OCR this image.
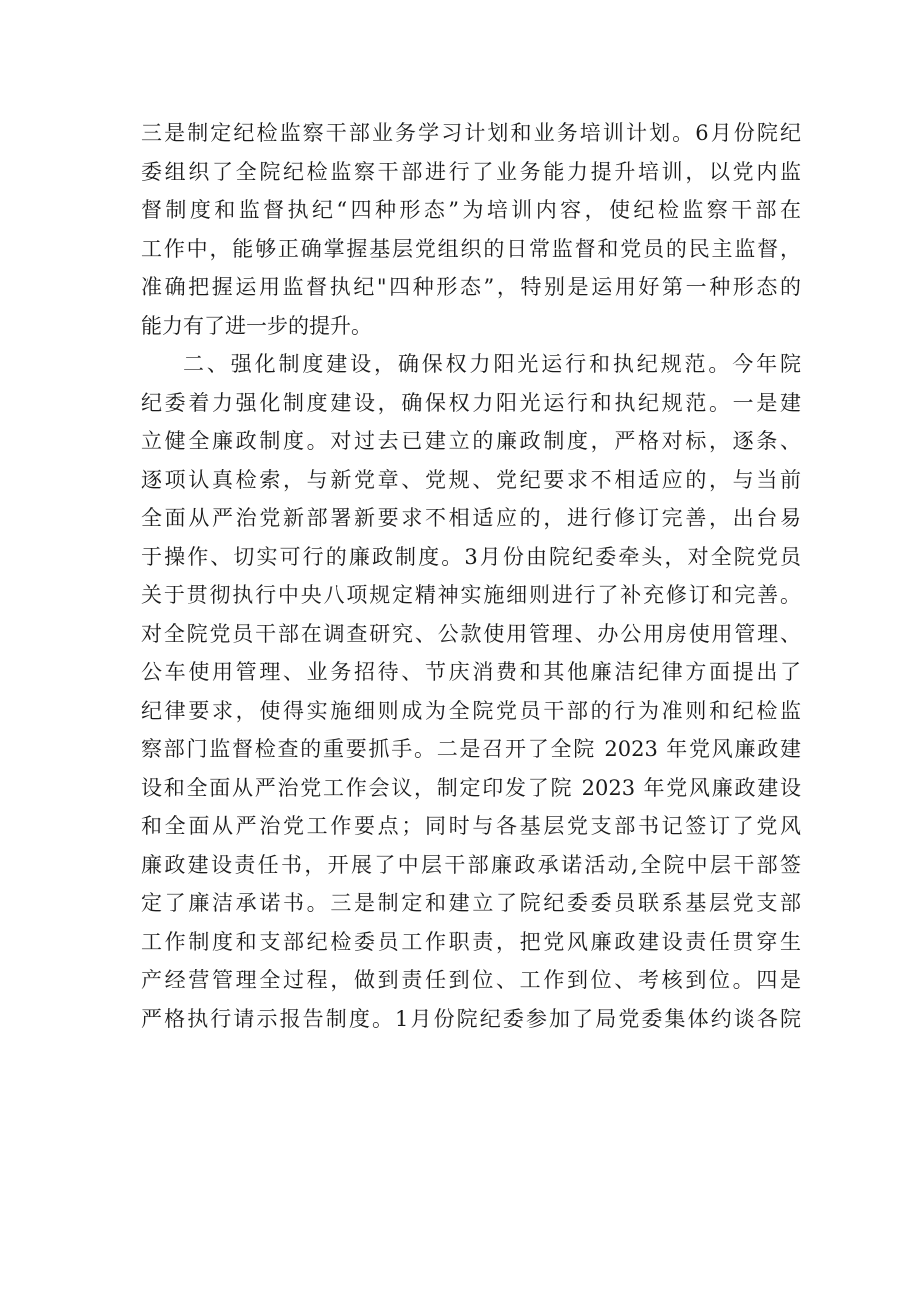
三是制定纪检监察干部业务学习计划和业务培训计划。6月份院纪
委组织了全院纪检监察干部进行了业务能力提升培训，以党内监
督制度和监督执纪“四种形态”为培训内容，使纪检监察干部在
工作中，能够正确掌握基层党组织的日常监督和党员的民主监督，
准确把握运用监督执纪"四种形态”，特别是运用好第一种形态的
能力有了进一步的提升。
二、强化制度建设，确保权力阳光运行和执纪规范。今年院
纪委着力强化制度建设，确保权力阳光运行和执纪规范。一是建
立健全廉政制度。对过去已建立的廉政制度，严格对标，逐条、
逐项认真检索，与新党章、党规、党纪要求不相适应的，与当前
全面从严治党新部署新要求不相适应的，进行修订完善，出台易
于操作、切实可行的廉政制度。3月份由院纪委牵头，对全院党员
关于贯彻执行中央八项规定精神实施细则进行了补充修订和完善。
对全院党员干部在调查研究、公款使用管理、办公用房使用管理、
公车使用管理、业务招待、节庆消费和其他廉洁纪律方面提出了
纪律要求，使得实施细则成为全院党员干部的行为准则和纪检监
察部门监督检查的重要抓手。二是召开了全院 2023 年党风廉政建
设和全面从严治党工作会议，制定印发了院 2023 年党风廉政建设
和全面从严治党工作要点；同时与各基层党支部书记签订了党风
廉政建设责任书，开展了中层干部廉政承诺活动,全院中层干部签
定了廉洁承诺书。三是制定和建立了院纪委委员联系基层党支部
工作制度和支部纪检委员工作职责，把党风廉政建设责任贯穿生
产经营管理全过程，做到责任到位、工作到位、考核到位。四是
严格执行请示报告制度。1月份院纪委参加了局党委集体约谈各院
